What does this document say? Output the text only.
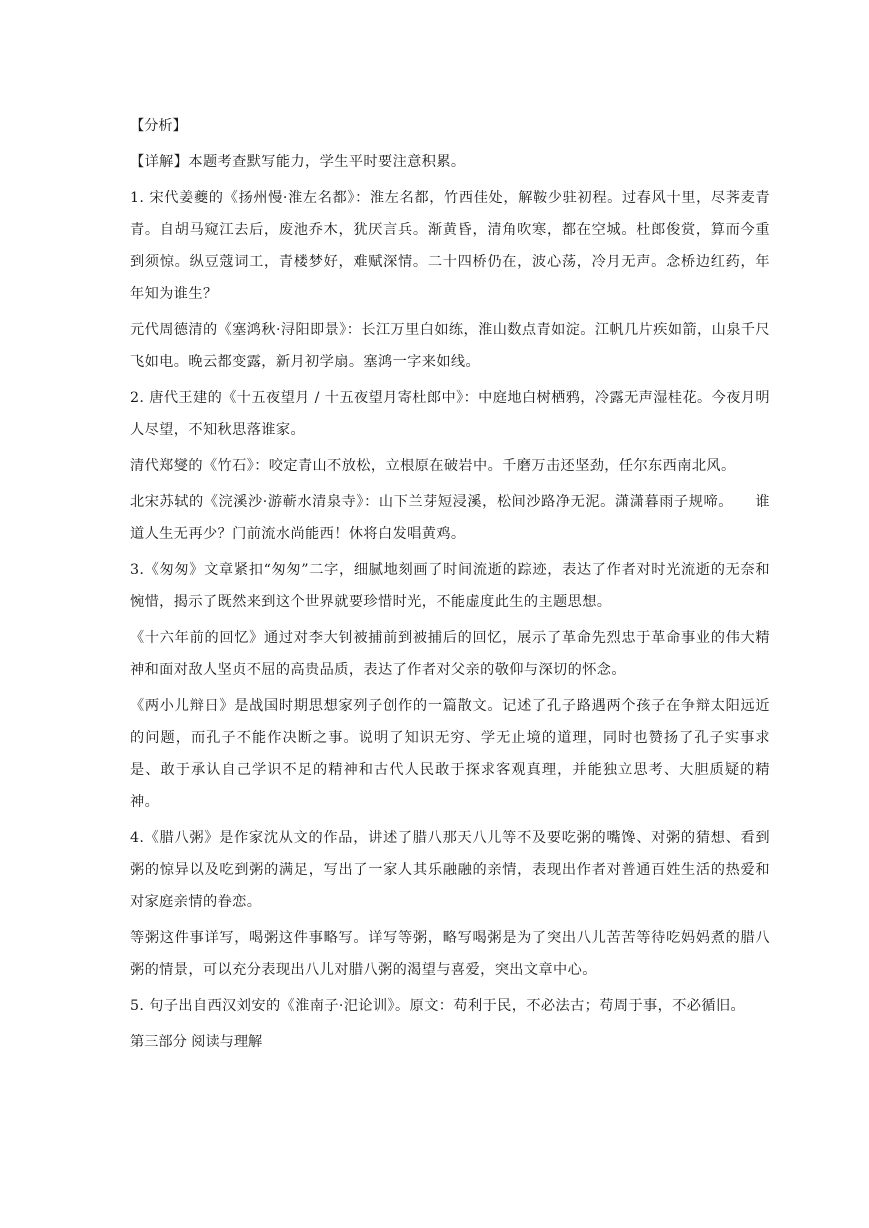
【分析】

【详解】本题考查默写能力，学生平时要注意积累。

1. 宋代姜夔的《扬州慢·淮左名都》：淮左名都，竹西佳处，解鞍少驻初程。过春风十里，尽荠麦青青。自胡马窥江去后，废池乔木，犹厌言兵。渐黄昏，清角吹寒，都在空城。杜郎俊赏，算而今重到须惊。纵豆蔻词工，青楼梦好，难赋深情。二十四桥仍在，波心荡，冷月无声。念桥边红药，年年知为谁生？

元代周德清的《塞鸿秋·浔阳即景》：长江万里白如练，淮山数点青如淀。江帆几片疾如箭，山泉千尺飞如电。晚云都变露，新月初学扇。塞鸿一字来如线。

2. 唐代王建的《十五夜望月 / 十五夜望月寄杜郎中》：中庭地白树栖鸦，冷露无声湿桂花。今夜月明人尽望，不知秋思落谁家。

清代郑燮的《竹石》：咬定青山不放松，立根原在破岩中。千磨万击还坚劲，任尔东西南北风。

北宋苏轼的《浣溪沙·游蕲水清泉寺》：山下兰芽短浸溪，松间沙路净无泥。潇潇暮雨子规啼。　　谁道人生无再少？门前流水尚能西！休将白发唱黄鸡。

3.《匆匆》文章紧扣“匆匆”二字，细腻地刻画了时间流逝的踪迹，表达了作者对时光流逝的无奈和惋惜，揭示了既然来到这个世界就要珍惜时光，不能虚度此生的主题思想。

《十六年前的回忆》通过对李大钊被捕前到被捕后的回忆，展示了革命先烈忠于革命事业的伟大精神和面对敌人坚贞不屈的高贵品质，表达了作者对父亲的敬仰与深切的怀念。

《两小儿辩日》是战国时期思想家列子创作的一篇散文。记述了孔子路遇两个孩子在争辩太阳远近的问题，而孔子不能作决断之事。说明了知识无穷、学无止境的道理，同时也赞扬了孔子实事求是、敢于承认自己学识不足的精神和古代人民敢于探求客观真理，并能独立思考、大胆质疑的精神。

4.《腊八粥》是作家沈从文的作品，讲述了腊八那天八儿等不及要吃粥的嘴馋、对粥的猜想、看到粥的惊异以及吃到粥的满足，写出了一家人其乐融融的亲情，表现出作者对普通百姓生活的热爱和对家庭亲情的眷恋。

等粥这件事详写，喝粥这件事略写。详写等粥，略写喝粥是为了突出八儿苦苦等待吃妈妈煮的腊八粥的情景，可以充分表现出八儿对腊八粥的渴望与喜爱，突出文章中心。

5. 句子出自西汉刘安的《淮南子·汜论训》。原文：苟利于民，不必法古；苟周于事，不必循旧。

第三部分 阅读与理解
